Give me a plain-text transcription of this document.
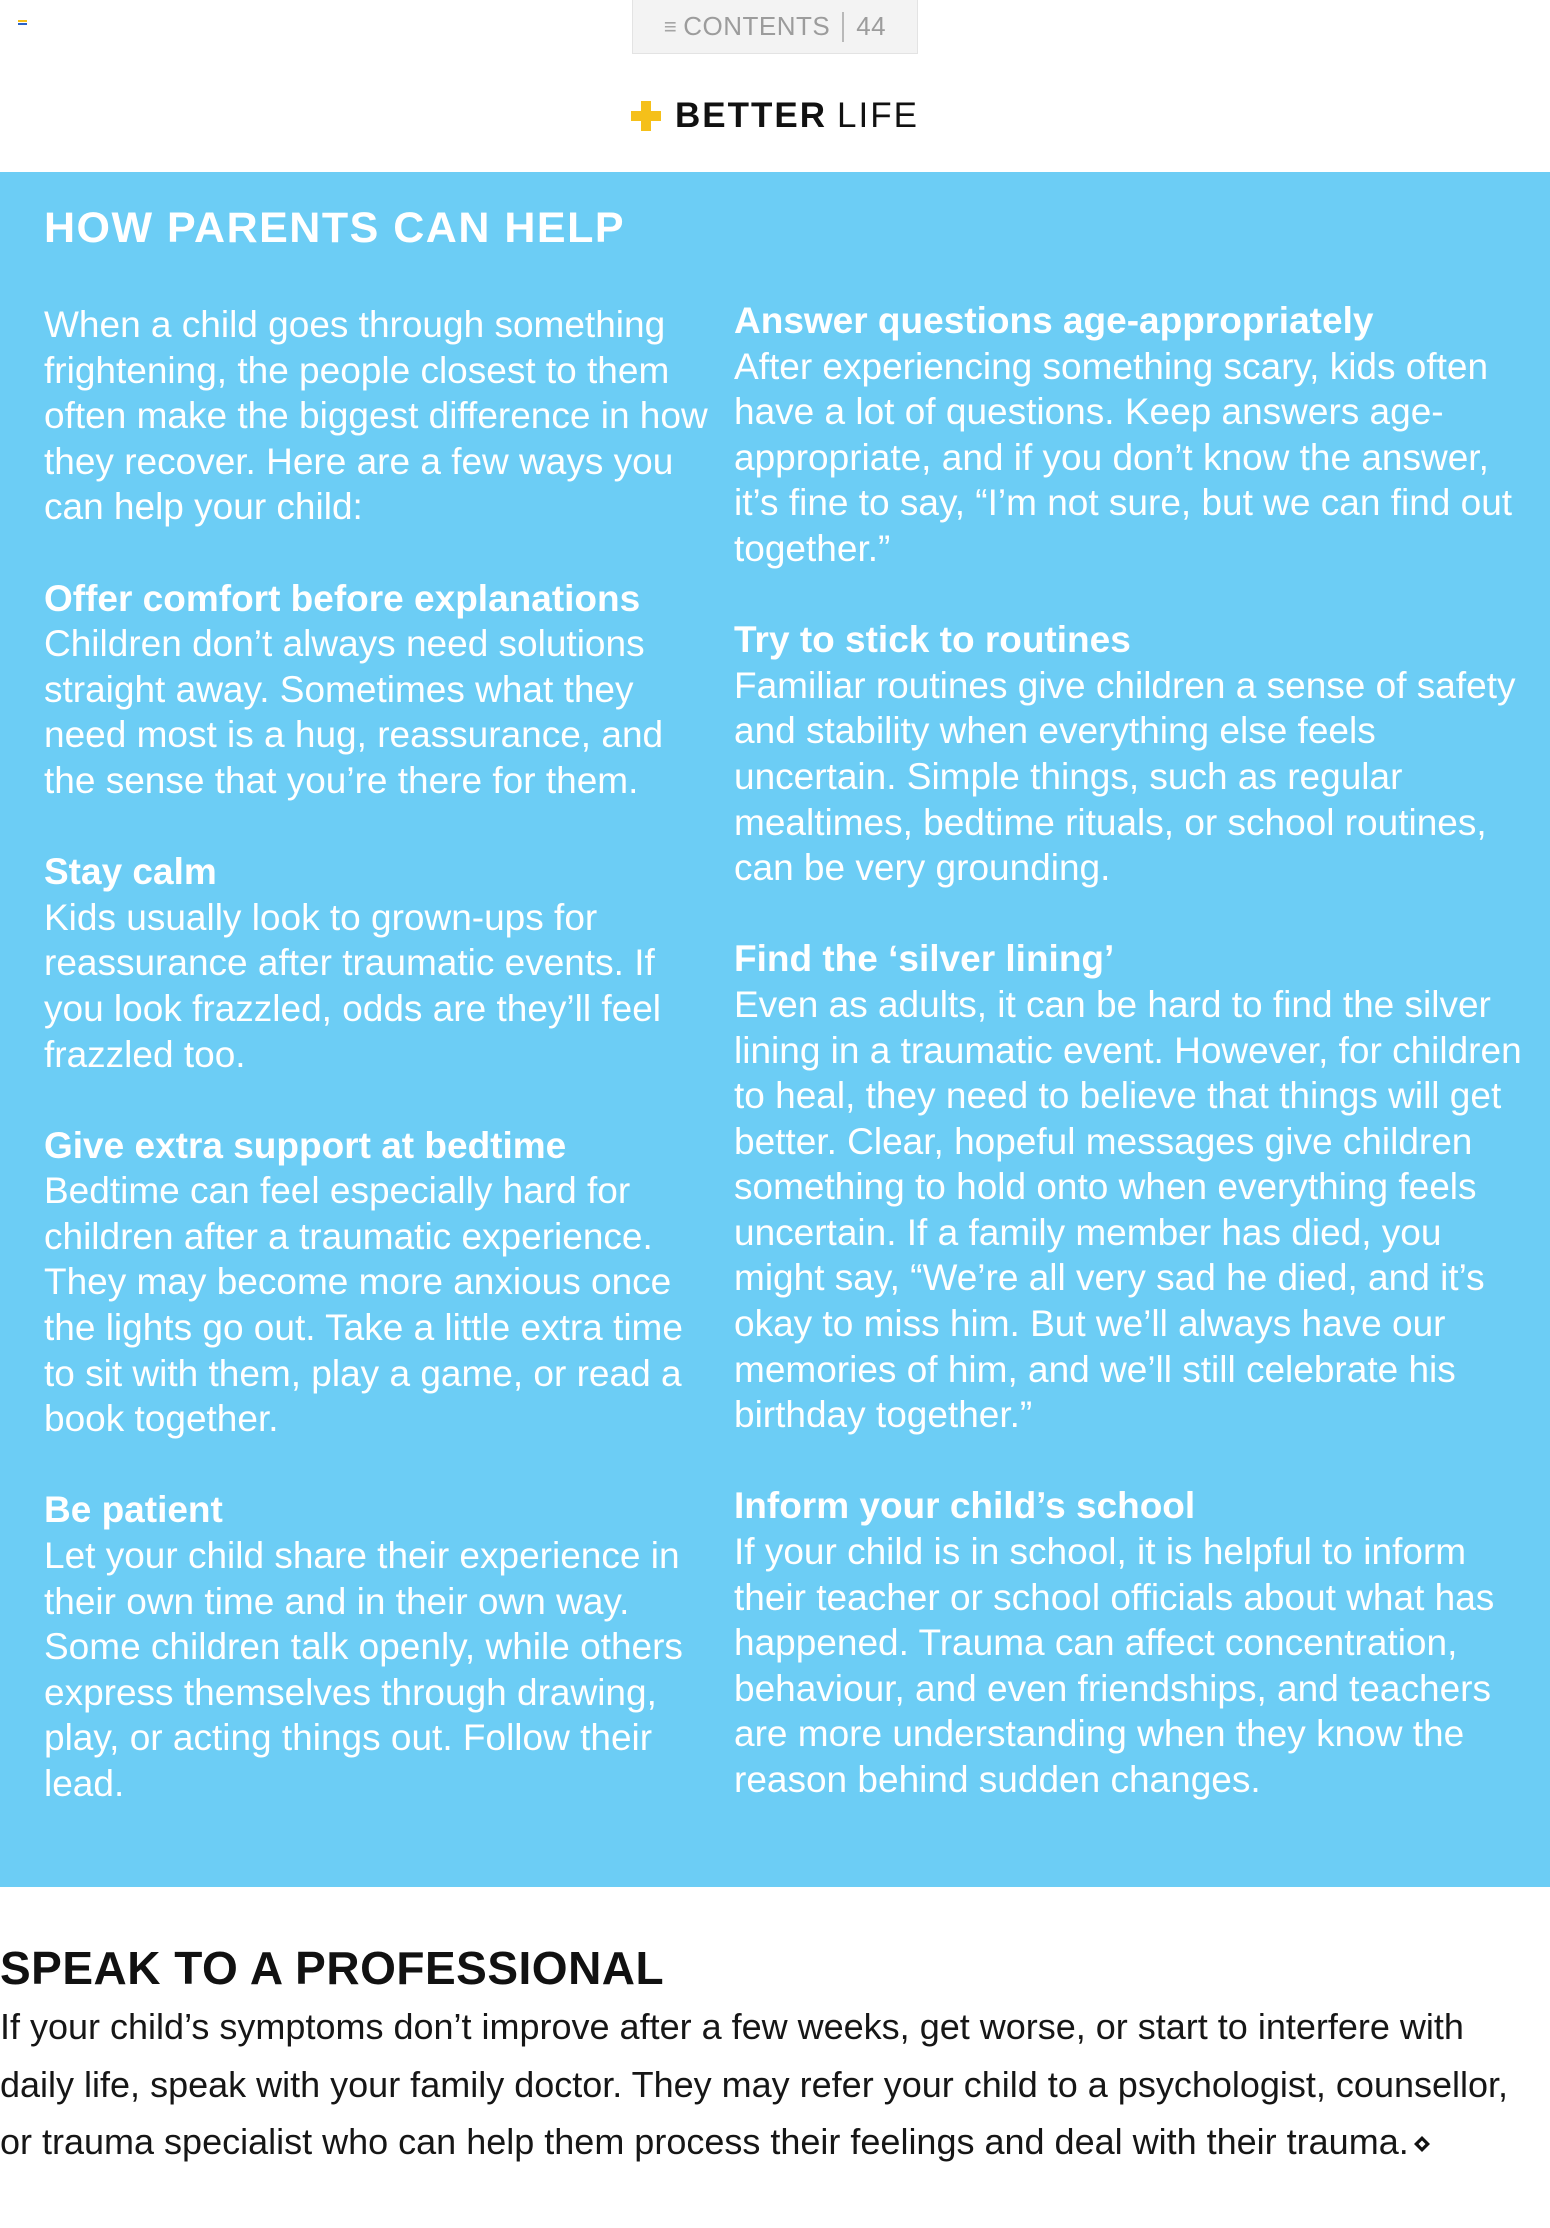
≡ CONTENTS 44
BETTER LIFE
HOW PARENTS CAN HELP

When a child goes through something frightening, the people closest to them often make the biggest difference in how they recover. Here are a few ways you can help your child:

Offer comfort before explanations
Children don’t always need solutions straight away. Sometimes what they need most is a hug, reassurance, and the sense that you’re there for them.
Stay calm
Kids usually look to grown-ups for reassurance after traumatic events. If you look frazzled, odds are they’ll feel frazzled too.
Give extra support at bedtime
Bedtime can feel especially hard for children after a traumatic experience. They may become more anxious once the lights go out. Take a little extra time to sit with them, play a game, or read a book together.
Be patient
Let your child share their experience in their own time and in their own way. Some children talk openly, while others express themselves through drawing, play, or acting things out. Follow their lead.
Answer questions age-appropriately
After experiencing something scary, kids often have a lot of questions. Keep answers age-appropriate, and if you don’t know the answer, it’s fine to say, “I’m not sure, but we can find out together.”
Try to stick to routines
Familiar routines give children a sense of safety and stability when everything else feels uncertain. Simple things, such as regular mealtimes, bedtime rituals, or school routines, can be very grounding.
Find the ‘silver lining’
Even as adults, it can be hard to find the silver lining in a traumatic event. However, for children to heal, they need to believe that things will get better. Clear, hopeful messages give children something to hold onto when everything feels uncertain. If a family member has died, you might say, “We’re all very sad he died, and it’s okay to miss him. But we’ll always have our memories of him, and we’ll still celebrate his birthday together.”
Inform your child’s school
If your child is in school, it is helpful to inform their teacher or school officials about what has happened. Trauma can affect concentration, behaviour, and even friendships, and teachers are more understanding when they know the reason behind sudden changes.
SPEAK TO A PROFESSIONAL
If your child’s symptoms don’t improve after a few weeks, get worse, or start to interfere with daily life, speak with your family doctor. They may refer your child to a psychologist, counsellor, or trauma specialist who can help them process their feelings and deal with their trauma.
